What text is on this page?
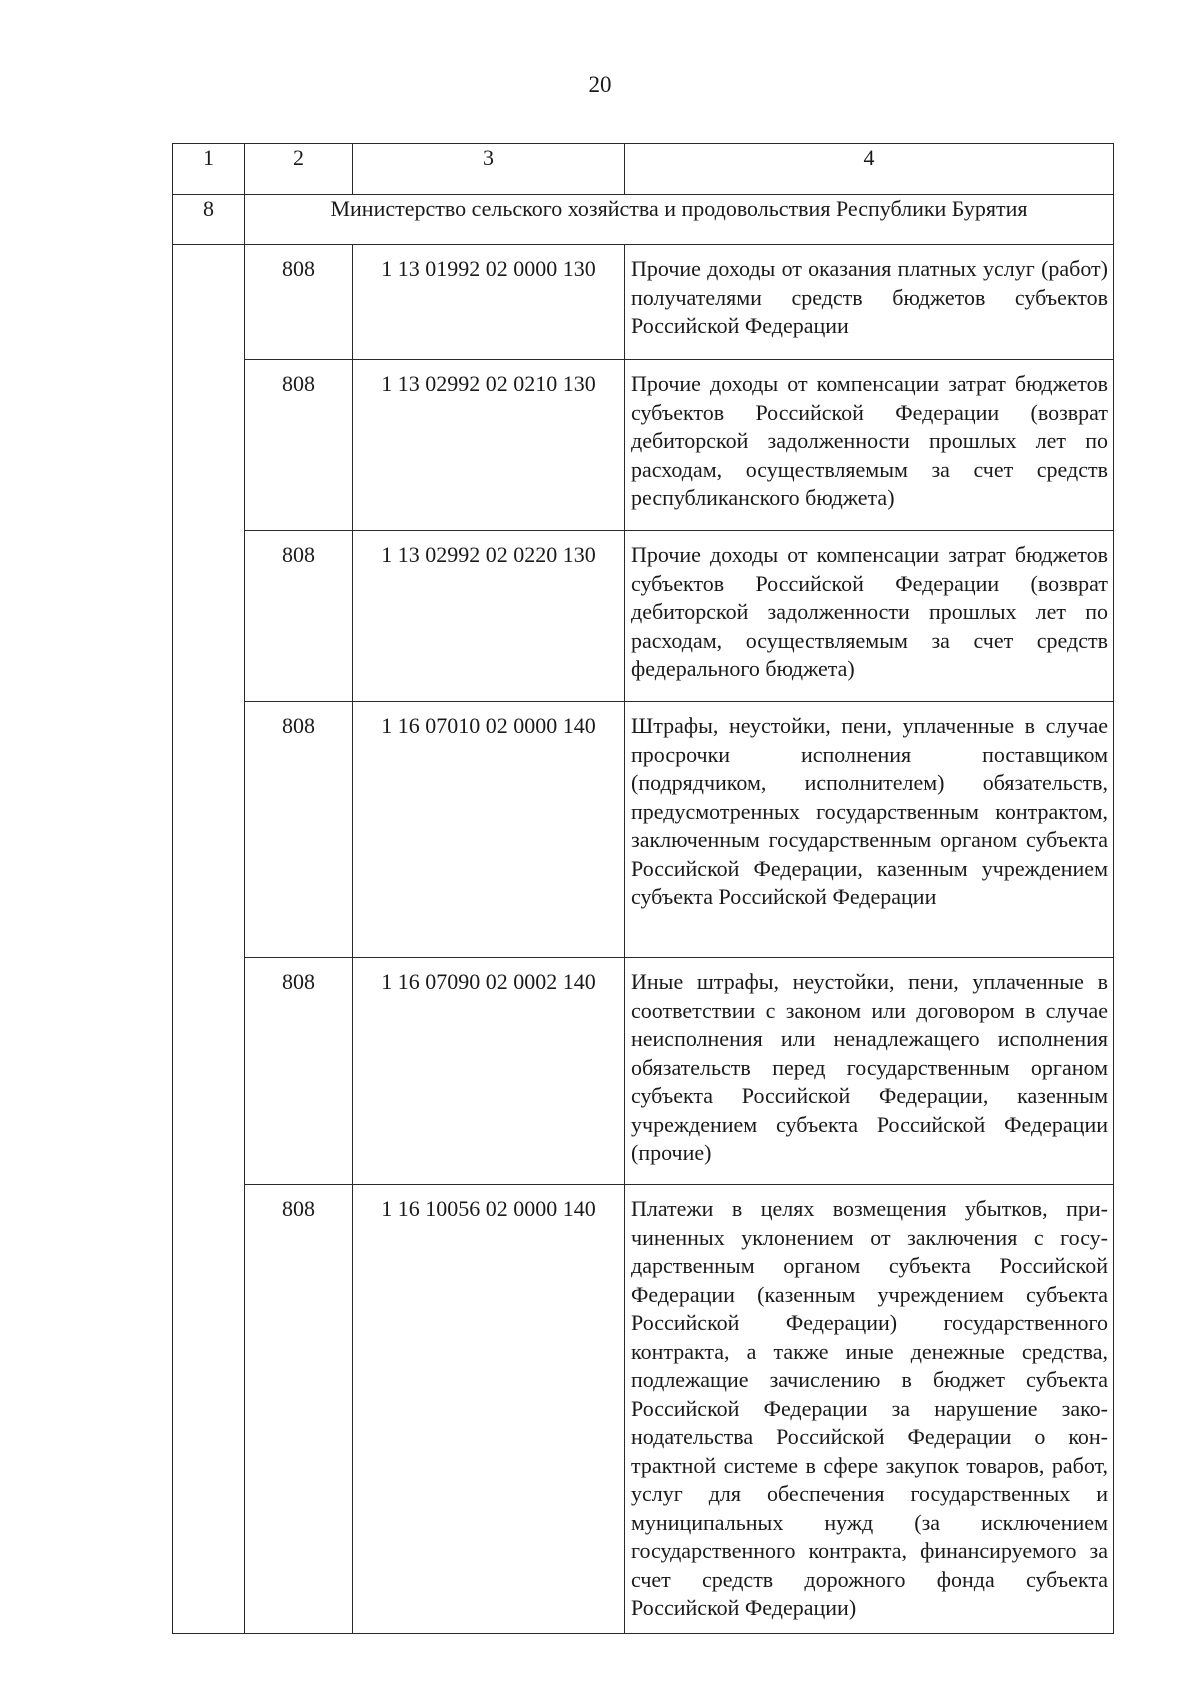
20
1	2	3	4
8	Министерство сельского хозяйства и продовольствия Республики Бурятия		
	808	1 13 01992 02 0000 130	Прочие доходы от оказания платных услуг (работ) получателями средств бюджетов субъектов Российской Федерации
	808	1 13 02992 02 0210 130	Прочие доходы от компенсации затрат бюджетов субъектов Российской Федерации (возврат дебиторской задолженности прошлых лет по расходам, осуществляемым за счет средств республиканского бюджета)
	808	1 13 02992 02 0220 130	Прочие доходы от компенсации затрат бюджетов субъектов Российской Федерации (возврат дебиторской задолженности прошлых лет по расходам, осуществляемым за счет средств федерального бюджета)
	808	1 16 07010 02 0000 140	Штрафы, неустойки, пени, уплаченные в случае просрочки исполнения поставщиком (подрядчиком, исполнителем) обязательств, предусмотренных государственным контрактом, заключенным государственным органом субъекта Российской Федерации, казенным учреждением субъекта Российской Федерации
	808	1 16 07090 02 0002 140	Иные штрафы, неустойки, пени, уплаченные в соответствии с законом или договором в случае неисполнения или ненадлежащего исполнения обязательств перед государственным органом субъекта Российской Федерации, казенным учреждением субъекта Российской Федерации (прочие)
	808	1 16 10056 02 0000 140	Платежи в целях возмещения убытков, причиненных уклонением от заключения с государственным органом субъекта Российской Федерации (казенным учреждением субъекта Российской Федерации) государственного контракта, а также иные денежные средства, подлежащие зачислению в бюджет субъекта Российской Федерации за нарушение законодательства Российской Федерации о контрактной системе в сфере закупок товаров, работ, услуг для обеспечения государственных и муниципальных нужд (за исключением государственного контракта, финансируемого за счет средств дорожного фонда субъекта Российской Федерации)
